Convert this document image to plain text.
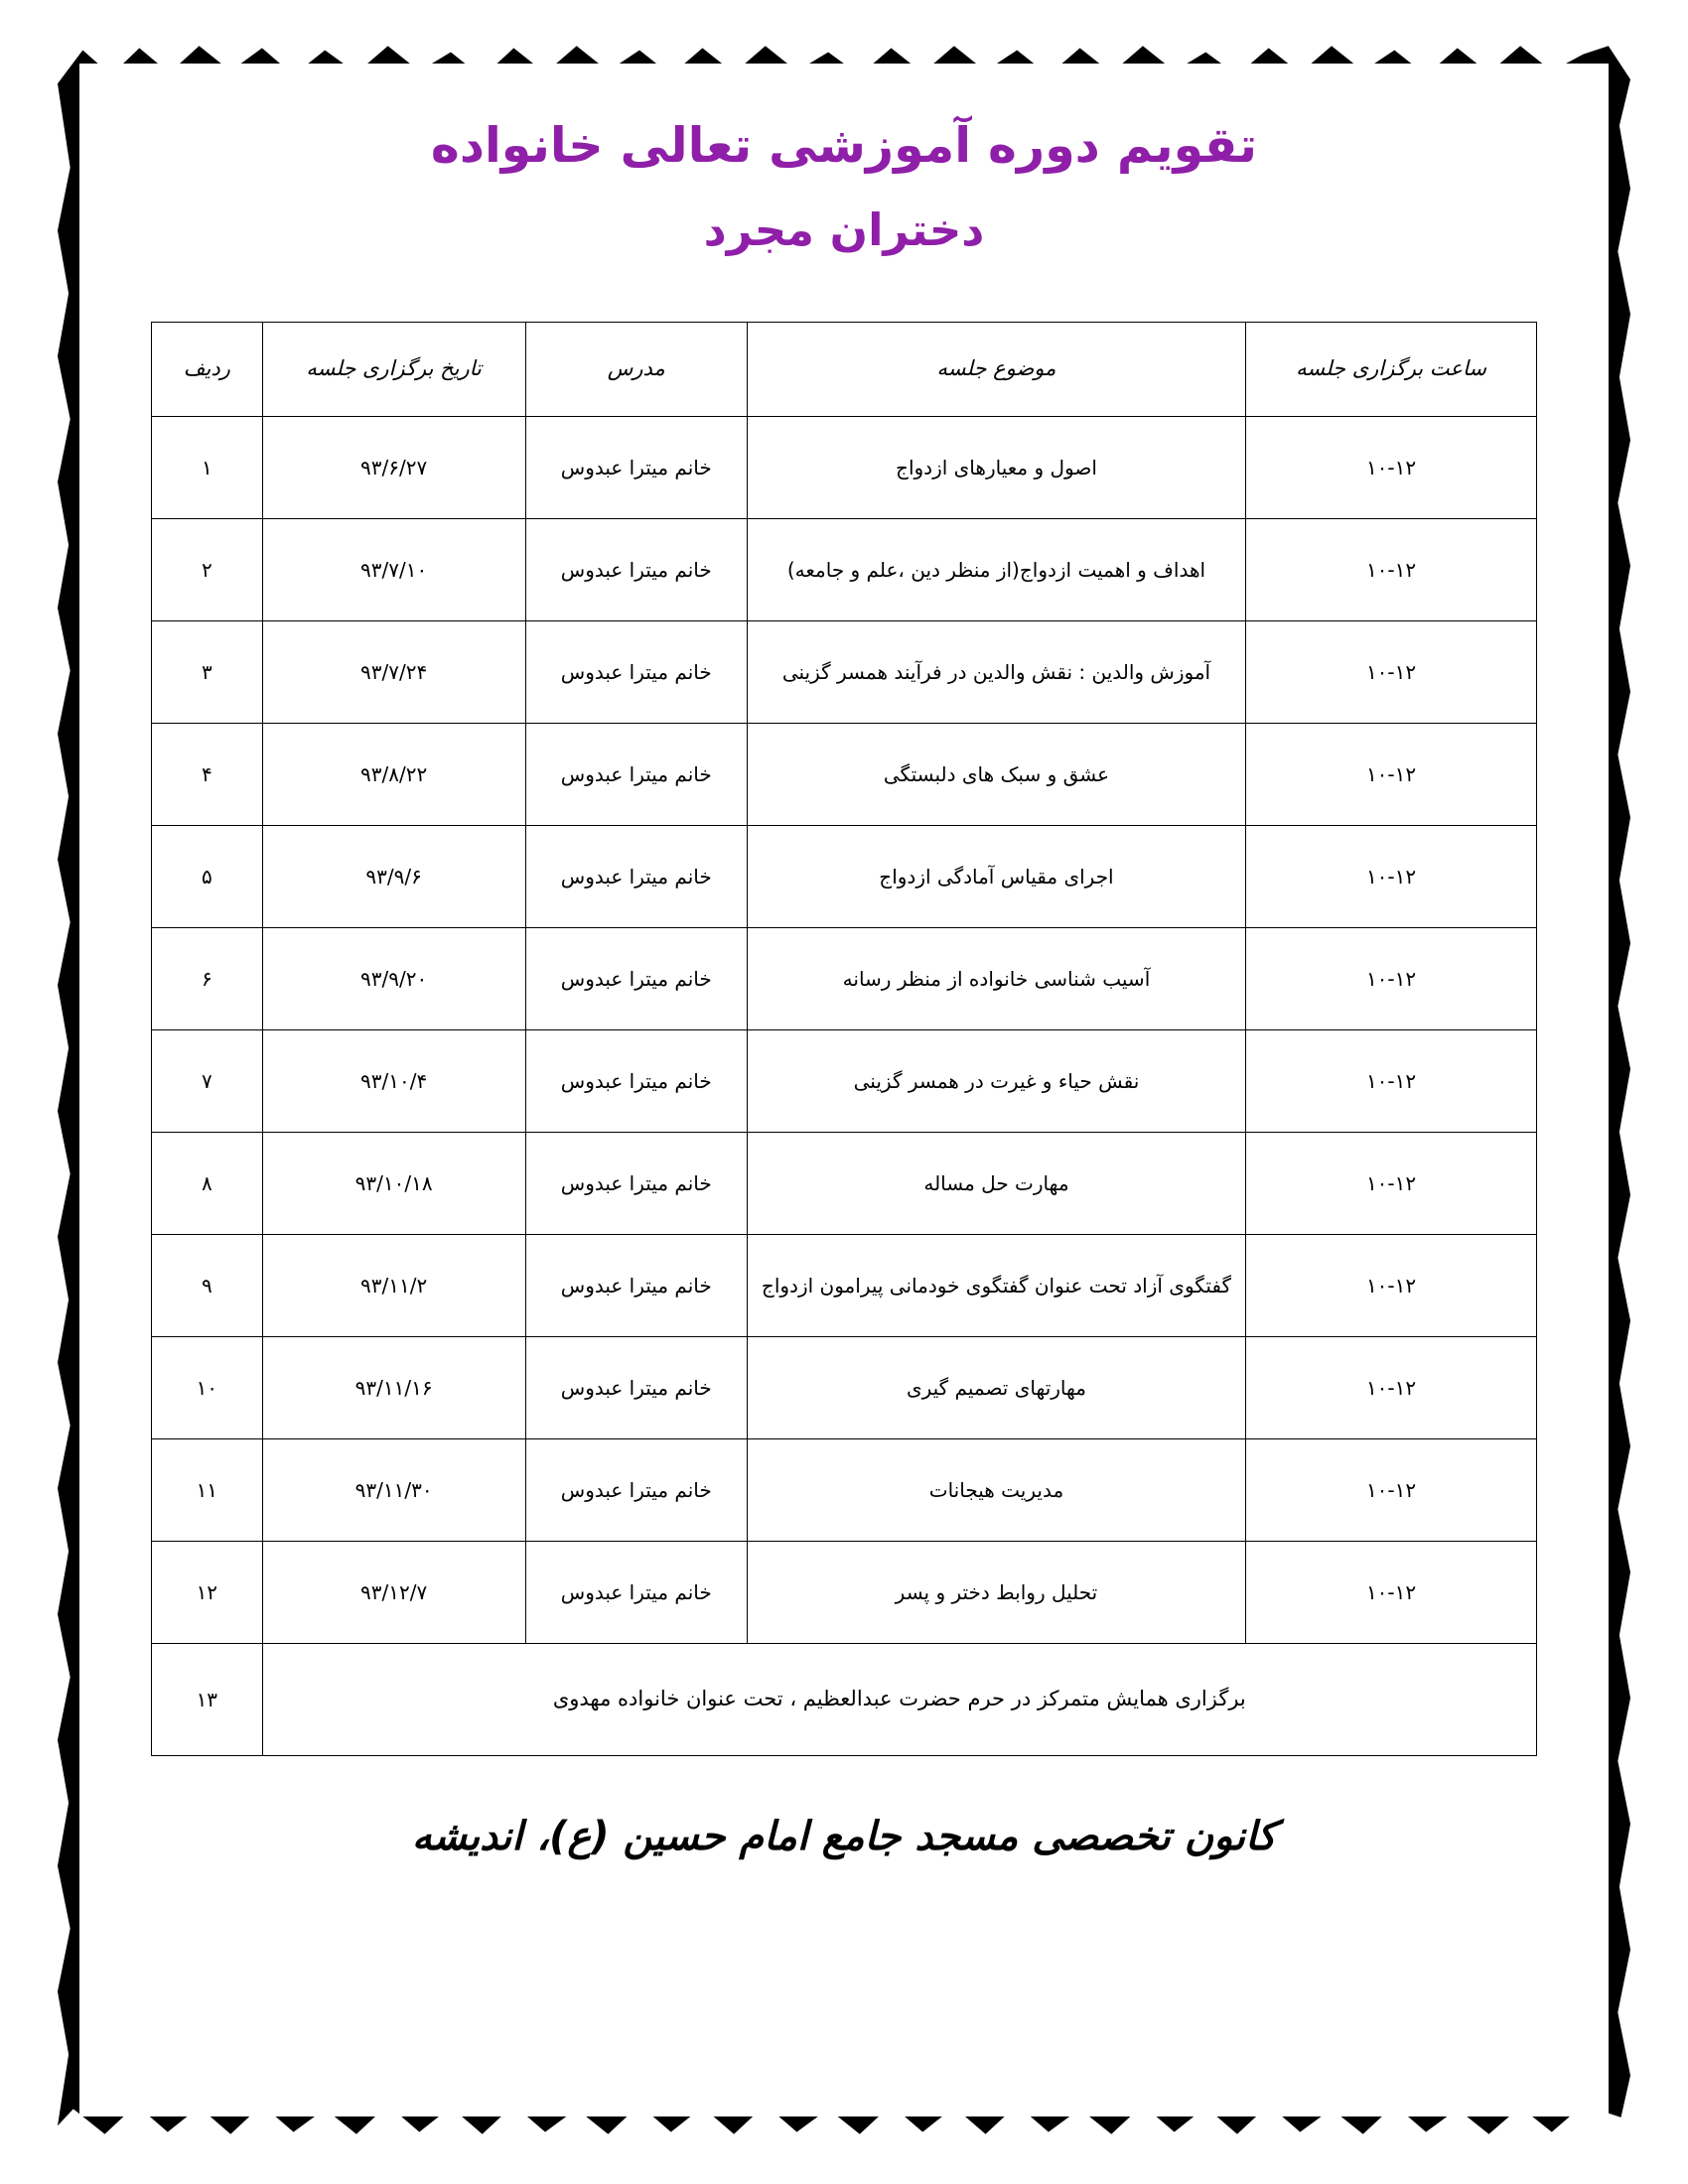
تقویم دوره آموزشی تعالی خانواده
دختران مجرد
ساعت برگزاری جلسه	موضوع جلسه	مدرس	تاریخ برگزاری جلسه	ردیف
۱۰-۱۲	اصول و معیارهای ازدواج	خانم میترا عبدوس	۹۳/۶/۲۷	۱
۱۰-۱۲	اهداف و اهمیت ازدواج(از منظر دین ،علم و جامعه)	خانم میترا عبدوس	۹۳/۷/۱۰	۲
۱۰-۱۲	آموزش والدین : نقش والدین در فرآیند همسر گزینی	خانم میترا عبدوس	۹۳/۷/۲۴	۳
۱۰-۱۲	عشق و سبک های دلبستگی	خانم میترا عبدوس	۹۳/۸/۲۲	۴
۱۰-۱۲	اجرای مقیاس آمادگی ازدواج	خانم میترا عبدوس	۹۳/۹/۶	۵
۱۰-۱۲	آسیب شناسی خانواده از منظر رسانه	خانم میترا عبدوس	۹۳/۹/۲۰	۶
۱۰-۱۲	نقش حیاء و غیرت در همسر گزینی	خانم میترا عبدوس	۹۳/۱۰/۴	۷
۱۰-۱۲	مهارت حل مساله	خانم میترا عبدوس	۹۳/۱۰/۱۸	۸
۱۰-۱۲	گفتگوی آزاد تحت عنوان گفتگوی خودمانی پیرامون ازدواج	خانم میترا عبدوس	۹۳/۱۱/۲	۹
۱۰-۱۲	مهارتهای تصمیم گیری	خانم میترا عبدوس	۹۳/۱۱/۱۶	۱۰
۱۰-۱۲	مدیریت هیجانات	خانم میترا عبدوس	۹۳/۱۱/۳۰	۱۱
۱۰-۱۲	تحلیل روابط دختر و پسر	خانم میترا عبدوس	۹۳/۱۲/۷	۱۲
برگزاری همایش متمرکز در حرم حضرت عبدالعظیم ، تحت عنوان خانواده مهدوی				۱۳
کانون تخصصی مسجد جامع امام حسین (ع)، اندیشه
